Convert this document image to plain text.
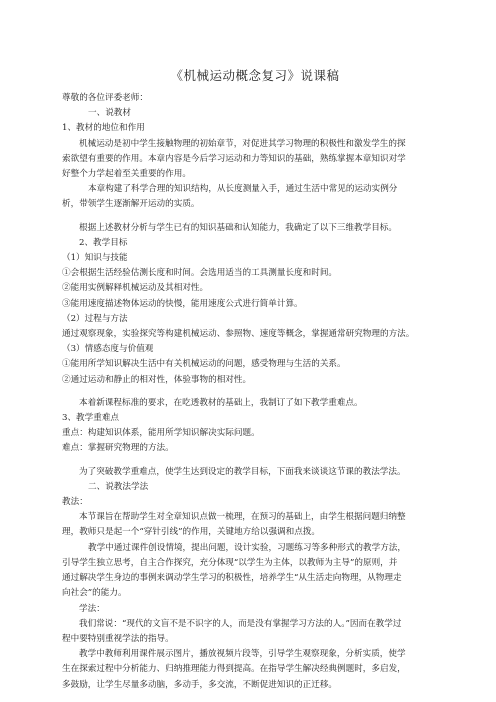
《机械运动概念复习》说课稿
尊敬的各位评委老师：
一、说教材
1、教材的地位和作用
机械运动是初中学生接触物理的初始章节，对促进其学习物理的积极性和激发学生的探
索欲望有重要的作用。本章内容是今后学习运动和力等知识的基础，熟练掌握本章知识对学
好整个力学起着至关重要的作用。
本章构建了科学合理的知识结构，从长度测量入手，通过生活中常见的运动实例分
析，带领学生逐渐解开运动的实质。
根据上述教材分析与学生已有的知识基础和认知能力，我确定了以下三维教学目标。
2、教学目标
（1）知识与技能
①会根据生活经验估测长度和时间。会选用适当的工具测量长度和时间。
②能用实例解释机械运动及其相对性。
③能用速度描述物体运动的快慢，能用速度公式进行简单计算。
（2）过程与方法
通过观察现象，实验探究等构建机械运动、参照物、速度等概念，掌握通常研究物理的方法。
（3）情感态度与价值观
①能用所学知识解决生活中有关机械运动的问题，感受物理与生活的关系。
②通过运动和静止的相对性，体验事物的相对性。
本着新课程标准的要求，在吃透教材的基础上，我制订了如下教学重难点。
3、教学重难点
重点：构建知识体系，能用所学知识解决实际问题。
难点：掌握研究物理的方法。
为了突破教学重难点，使学生达到设定的教学目标，下面我来谈谈这节课的教法学法。
二、说教法学法
教法：
本节课旨在帮助学生对全章知识点做一梳理，在预习的基础上，由学生根据问题归纳整
理，教师只是起一个“穿针引线”的作用，关键地方给以强调和点拨。
教学中通过课件创设情境，提出问题，设计实验，习题练习等多种形式的教学方法，
引导学生独立思考，自主合作探究，充分体现“以学生为主体，以教师为主导”的原则，并
通过解决学生身边的事例来调动学生学习的积极性，培养学生“从生活走向物理，从物理走
向社会”的能力。
学法：
我们常说：“现代的文盲不是不识字的人，而是没有掌握学习方法的人。”因而在教学过
程中要特别重视学法的指导。
教学中教师利用课件展示图片，播放视频片段等，引导学生观察现象，分析实质，使学
生在探索过程中分析能力、归纳推理能力得到提高。在指导学生解决经典例题时，多启发，
多鼓励，让学生尽量多动脑，多动手，多交流，不断促进知识的正迁移。
